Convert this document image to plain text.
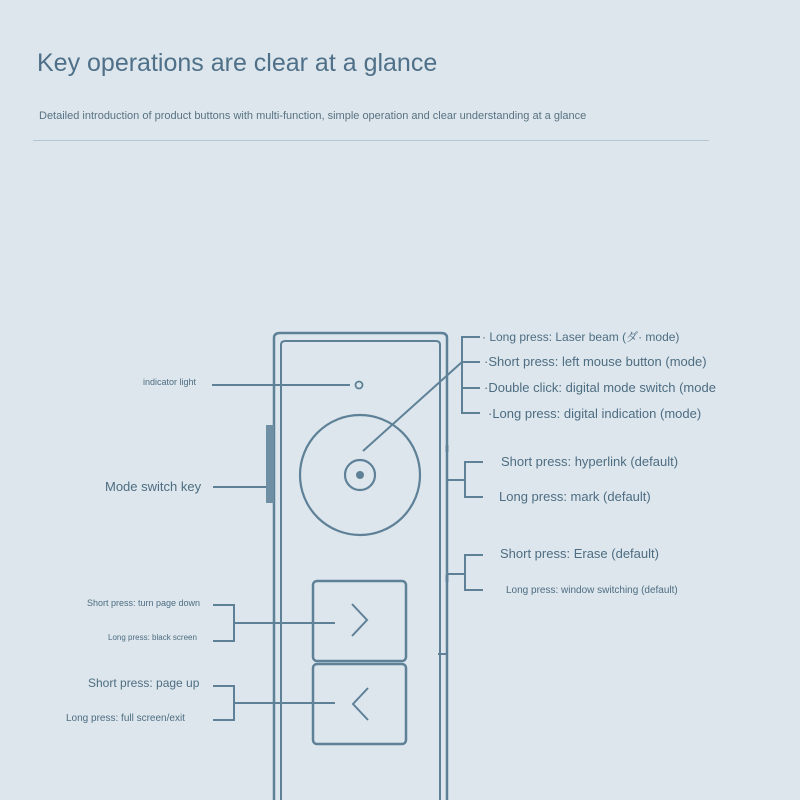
Key operations are clear at a glance
Detailed introduction of product buttons with multi-function, simple operation and clear understanding at a glance
indicator light
Mode switch key
· Long press: Laser beam (ダ· mode)
·Short press: left mouse button (mode)
·Double click: digital mode switch (mode
·Long press: digital indication (mode)
Short press: hyperlink (default)
Long press: mark (default)
Short press: Erase (default)
Long press: window switching (default)
Short press: turn page down
Long press: black screen
Short press: page up
Long press: full screen/exit
